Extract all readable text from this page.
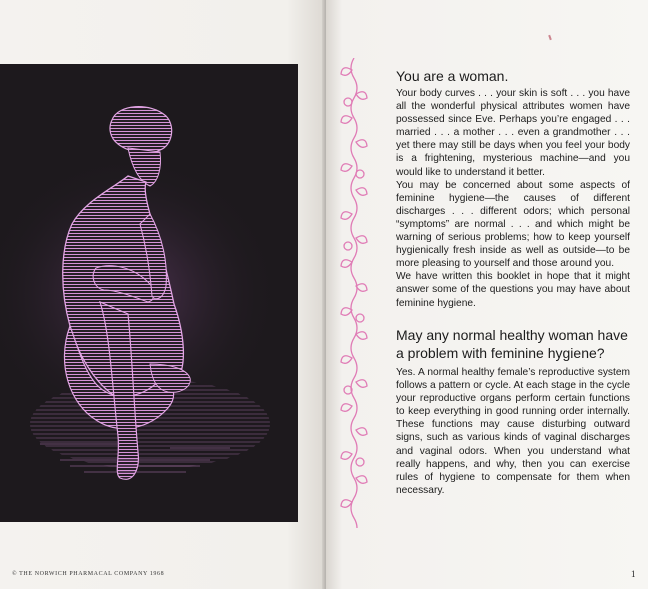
© THE NORWICH PHARMACAL COMPANY 1968
You are a woman.

Your body curves . . . your skin is soft . . . you have all the wonderful physical attributes women have possessed since Eve. Perhaps you’re engaged . . . married . . . a mother . . . even a grandmother . . . yet there may still be days when you feel your body is a frightening, mysterious machine—and you would like to understand it better.

You may be concerned about some aspects of feminine hygiene—the causes of different discharges . . . different odors; which personal “symptoms” are normal . . . and which might be warning of serious problems; how to keep yourself hygienically fresh inside as well as outside—to be more pleasing to yourself and those around you.

We have written this booklet in hope that it might answer some of the questions you may have about feminine hygiene.

May any normal healthy woman have a problem with feminine hygiene?

Yes. A normal healthy female’s reproductive system follows a pattern or cycle. At each stage in the cycle your reproductive organs perform certain functions to keep everything in good running order internally. These functions may cause disturbing outward signs, such as various kinds of vaginal discharges and vaginal odors. When you understand what really happens, and why, then you can exercise rules of hygiene to compensate for them when necessary.

1
